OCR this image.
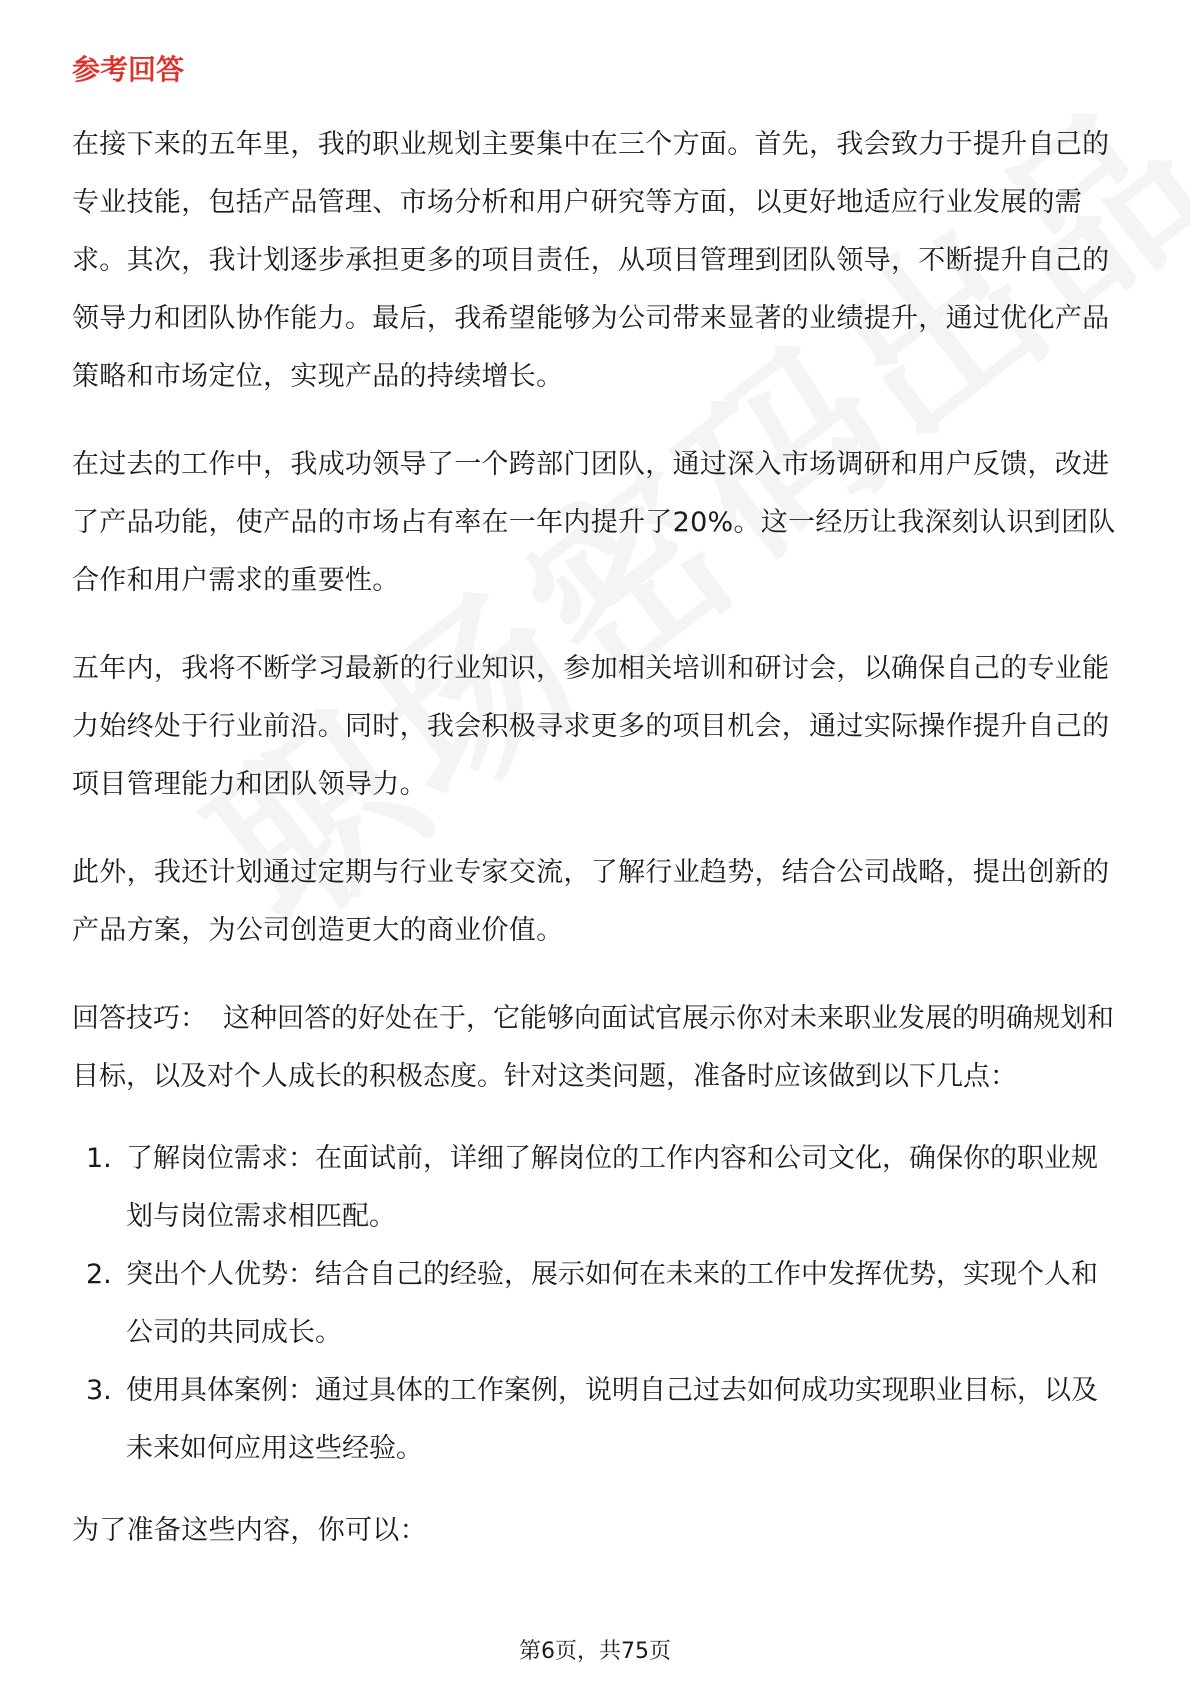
参考回答

在接下来的五年里，我的职业规划主要集中在三个方面。首先，我会致力于提升自己的专业技能，包括产品管理、市场分析和用户研究等方面，以更好地适应行业发展的需求。其次，我计划逐步承担更多的项目责任，从项目管理到团队领导，不断提升自己的领导力和团队协作能力。最后，我希望能够为公司带来显著的业绩提升，通过优化产品策略和市场定位，实现产品的持续增长。

在过去的工作中，我成功领导了一个跨部门团队，通过深入市场调研和用户反馈，改进了产品功能，使产品的市场占有率在一年内提升了20%。这一经历让我深刻认识到团队合作和用户需求的重要性。

五年内，我将不断学习最新的行业知识，参加相关培训和研讨会，以确保自己的专业能力始终处于行业前沿。同时，我会积极寻求更多的项目机会，通过实际操作提升自己的项目管理能力和团队领导力。

此外，我还计划通过定期与行业专家交流，了解行业趋势，结合公司战略，提出创新的产品方案，为公司创造更大的商业价值。

回答技巧： 这种回答的好处在于，它能够向面试官展示你对未来职业发展的明确规划和目标，以及对个人成长的积极态度。针对这类问题，准备时应该做到以下几点：

1. 了解岗位需求：在面试前，详细了解岗位的工作内容和公司文化，确保你的职业规划与岗位需求相匹配。
2. 突出个人优势：结合自己的经验，展示如何在未来的工作中发挥优势，实现个人和公司的共同成长。
3. 使用具体案例：通过具体的工作案例，说明自己过去如何成功实现职业目标，以及未来如何应用这些经验。

为了准备这些内容，你可以：

第6页，共75页
